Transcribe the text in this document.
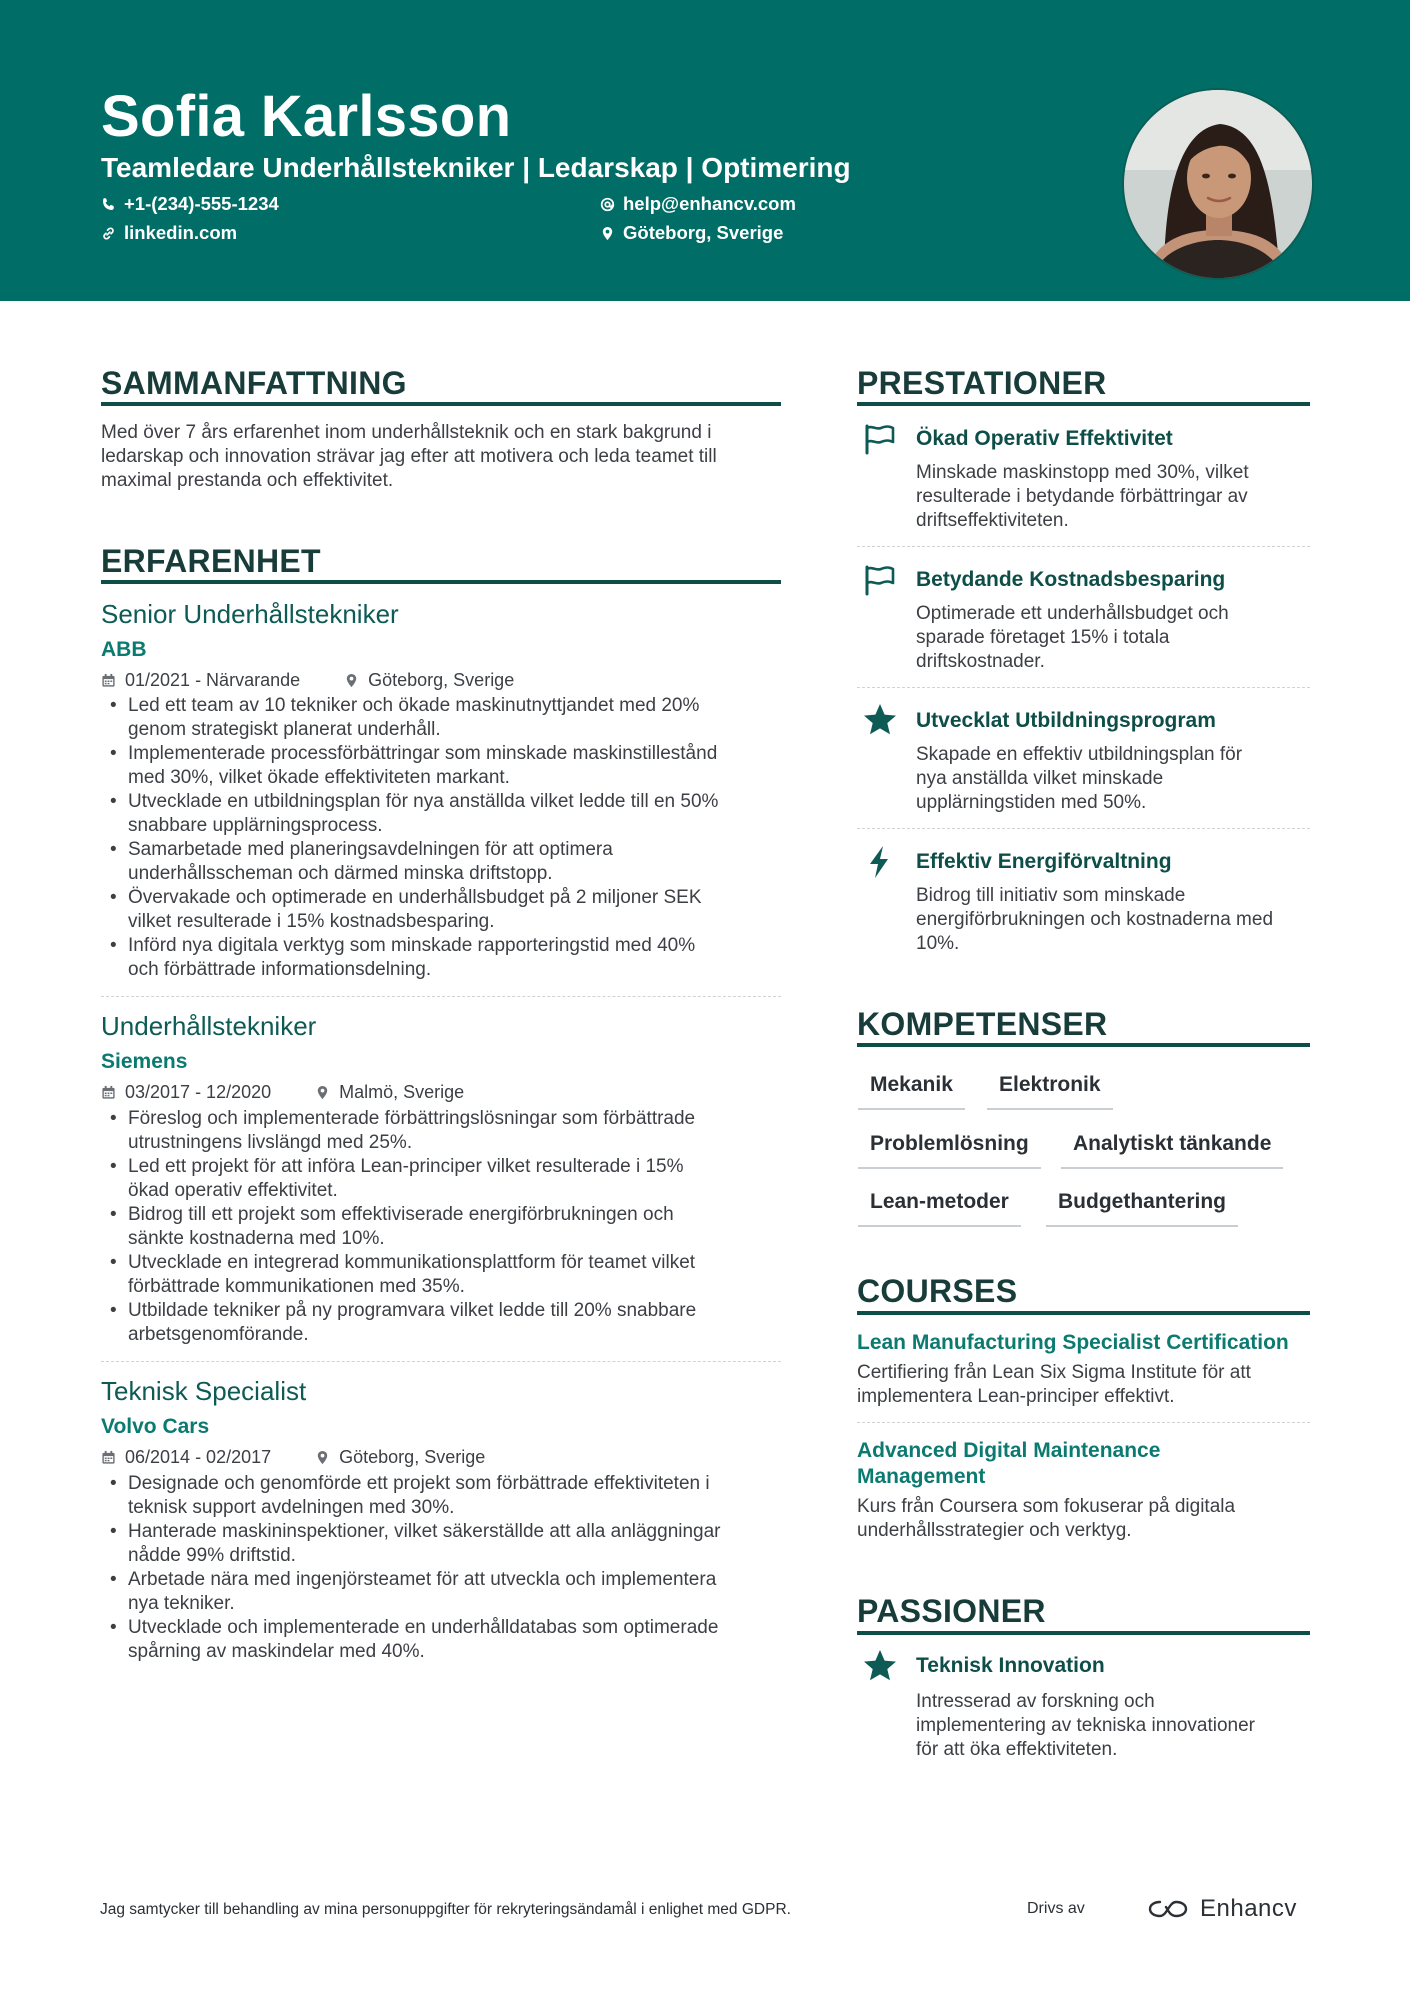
Sofia Karlsson
Teamledare Underhållstekniker | Ledarskap | Optimering
+1-(234)-555-1234	help@enhancv.com
linkedin.com	Göteborg, Sverige
SAMMANFATTNING
Med över 7 års erfarenhet inom underhållsteknik och en stark bakgrund i
ledarskap och innovation strävar jag efter att motivera och leda teamet till
maximal prestanda och effektivitet.
ERFARENHET
Senior Underhållstekniker
ABB
01/2021 - Närvarande	Göteborg, Sverige
• Led ett team av 10 tekniker och ökade maskinutnyttjandet med 20%
genom strategiskt planerat underhåll.
• Implementerade processförbättringar som minskade maskinstillestånd
med 30%, vilket ökade effektiviteten markant.
• Utvecklade en utbildningsplan för nya anställda vilket ledde till en 50%
snabbare upplärningsprocess.
• Samarbetade med planeringsavdelningen för att optimera
underhållsscheman och därmed minska driftstopp.
• Övervakade och optimerade en underhållsbudget på 2 miljoner SEK
vilket resulterade i 15% kostnadsbesparing.
• Införd nya digitala verktyg som minskade rapporteringstid med 40%
och förbättrade informationsdelning.
Underhållstekniker
Siemens
03/2017 - 12/2020	Malmö, Sverige
• Föreslog och implementerade förbättringslösningar som förbättrade
utrustningens livslängd med 25%.
• Led ett projekt för att införa Lean-principer vilket resulterade i 15%
ökad operativ effektivitet.
• Bidrog till ett projekt som effektiviserade energiförbrukningen och
sänkte kostnaderna med 10%.
• Utvecklade en integrerad kommunikationsplattform för teamet vilket
förbättrade kommunikationen med 35%.
• Utbildade tekniker på ny programvara vilket ledde till 20% snabbare
arbetsgenomförande.
Teknisk Specialist
Volvo Cars
06/2014 - 02/2017	Göteborg, Sverige
• Designade och genomförde ett projekt som förbättrade effektiviteten i
teknisk support avdelningen med 30%.
• Hanterade maskininspektioner, vilket säkerställde att alla anläggningar
nådde 99% driftstid.
• Arbetade nära med ingenjörsteamet för att utveckla och implementera
nya tekniker.
• Utvecklade och implementerade en underhålldatabas som optimerade
spårning av maskindelar med 40%.
PRESTATIONER
Ökad Operativ Effektivitet
Minskade maskinstopp med 30%, vilket
resulterade i betydande förbättringar av
driftseffektiviteten.
Betydande Kostnadsbesparing
Optimerade ett underhållsbudget och
sparade företaget 15% i totala
driftskostnader.
Utvecklat Utbildningsprogram
Skapade en effektiv utbildningsplan för
nya anställda vilket minskade
upplärningstiden med 50%.
Effektiv Energiförvaltning
Bidrog till initiativ som minskade
energiförbrukningen och kostnaderna med
10%.
KOMPETENSER
Mekanik	Elektronik
Problemlösning	Analytiskt tänkande
Lean-metoder	Budgethantering
COURSES
Lean Manufacturing Specialist Certification
Certifiering från Lean Six Sigma Institute för att
implementera Lean-principer effektivt.
Advanced Digital Maintenance
Management
Kurs från Coursera som fokuserar på digitala
underhållsstrategier och verktyg.
PASSIONER
Teknisk Innovation
Intresserad av forskning och
implementering av tekniska innovationer
för att öka effektiviteten.
Jag samtycker till behandling av mina personuppgifter för rekryteringsändamål i enlighet med GDPR.	Drivs av	Enhancv
